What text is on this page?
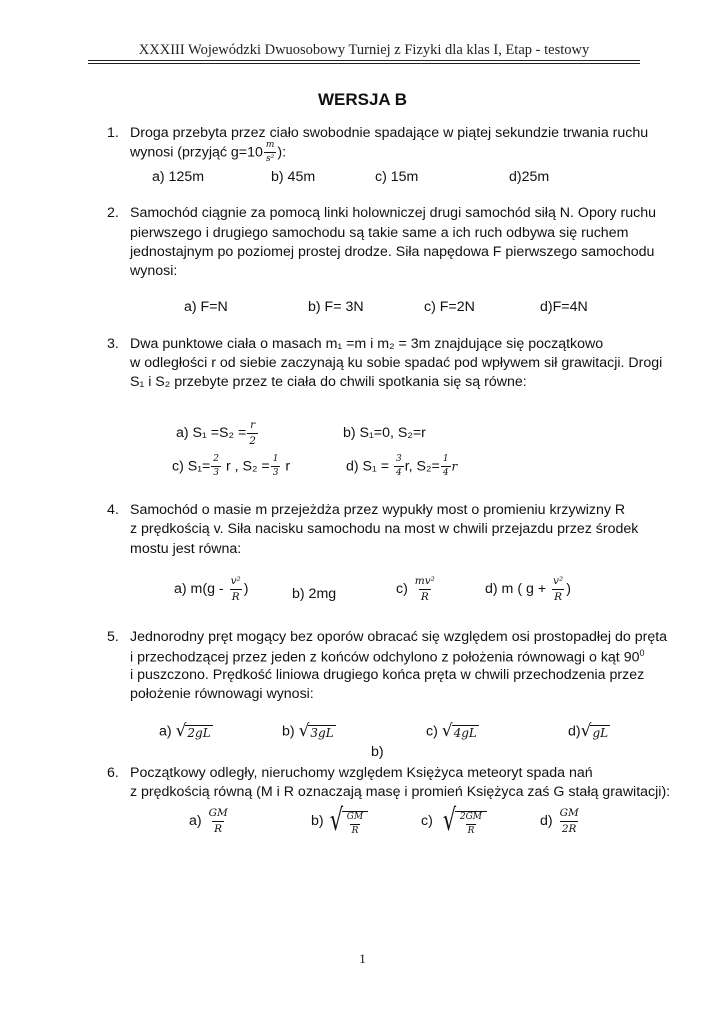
XXXIII Wojewódzki Dwuosobowy Turniej z Fizyki dla klas I, Etap - testowy
WERSJA B
1. Droga przebyta przez ciało swobodnie spadające w piątej sekundzie trwania ruchu
wynosi (przyjąć $g=10 \frac{m}{\text{s²}}$ ):
a) 125m	b) 45m	c) 15m	d)25m
2. Samochód ciągnie za pomocą linki holowniczej drugi samochód siłą N. Opory ruchu
pierwszego i drugiego samochodu są takie same a ich ruch odbywa się ruchem
jednostajnym po poziomej prostej drodze. Siła napędowa F pierwszego samochodu
wynosi:
a) F=N	b) F= 3N	c) F=2N	d)F=4N
3. Dwa punktowe ciała o masach m₁ =m i m₂ = 3m znajdujące się początkowo
w odległości r od siebie zaczynają ku sobie spadać pod wpływem sił grawitacji. Drogi
S₁ i S₂ przebyte przez te ciała do chwili spotkania się są równe:
a) $S_1 =S_2 = \frac{r}{2}$	b) S₁=0, S₂=r
c) $S_1= \frac{2}{3}$ r , $S_2 = \frac{1}{3}$ r	d) $S_1 = \frac{3}{4} r$, $S_2= \frac{1}{4}$ r
4. Samochód o masie m przejeżdża przez wypukły most o promieniu krzywizny R
z prędkością v. Siła nacisku samochodu na most w chwili przejazdu przez środek
mostu jest równa:
a) $m(g - \frac{\text{v²}}{R}$ )	b) 2mg	$c) \frac{\text{mv²}}{R}$	d) m ( $g + \frac{\text{v²}}{R}$ )
5. Jednorodny pręt mogący bez oporów obracać się względem osi prostopadłej do pręta
i przechodzącej przez jeden z końców odchylono z położenia równowagi o kąt $90^0$
i puszczono. Prędkość liniowa drugiego końca pręta w chwili przechodzenia przez
położenie równowagi wynosi:
a) √ 2gL	b) √ 3gL	c) √ 4gL	d) √ gL
b)
6. Początkowy odległy, nieruchomy względem Księżyca meteoryt spada nań
z prędkością równą (M i R oznaczają masę i promień Księżyca zaś G stałą grawitacji):
$a) \frac{GM}{R}$	b) √ $\frac{GM}{R}$	c) √ $\frac{2GM}{R}$	$d) \frac{GM}{2R}$
1
